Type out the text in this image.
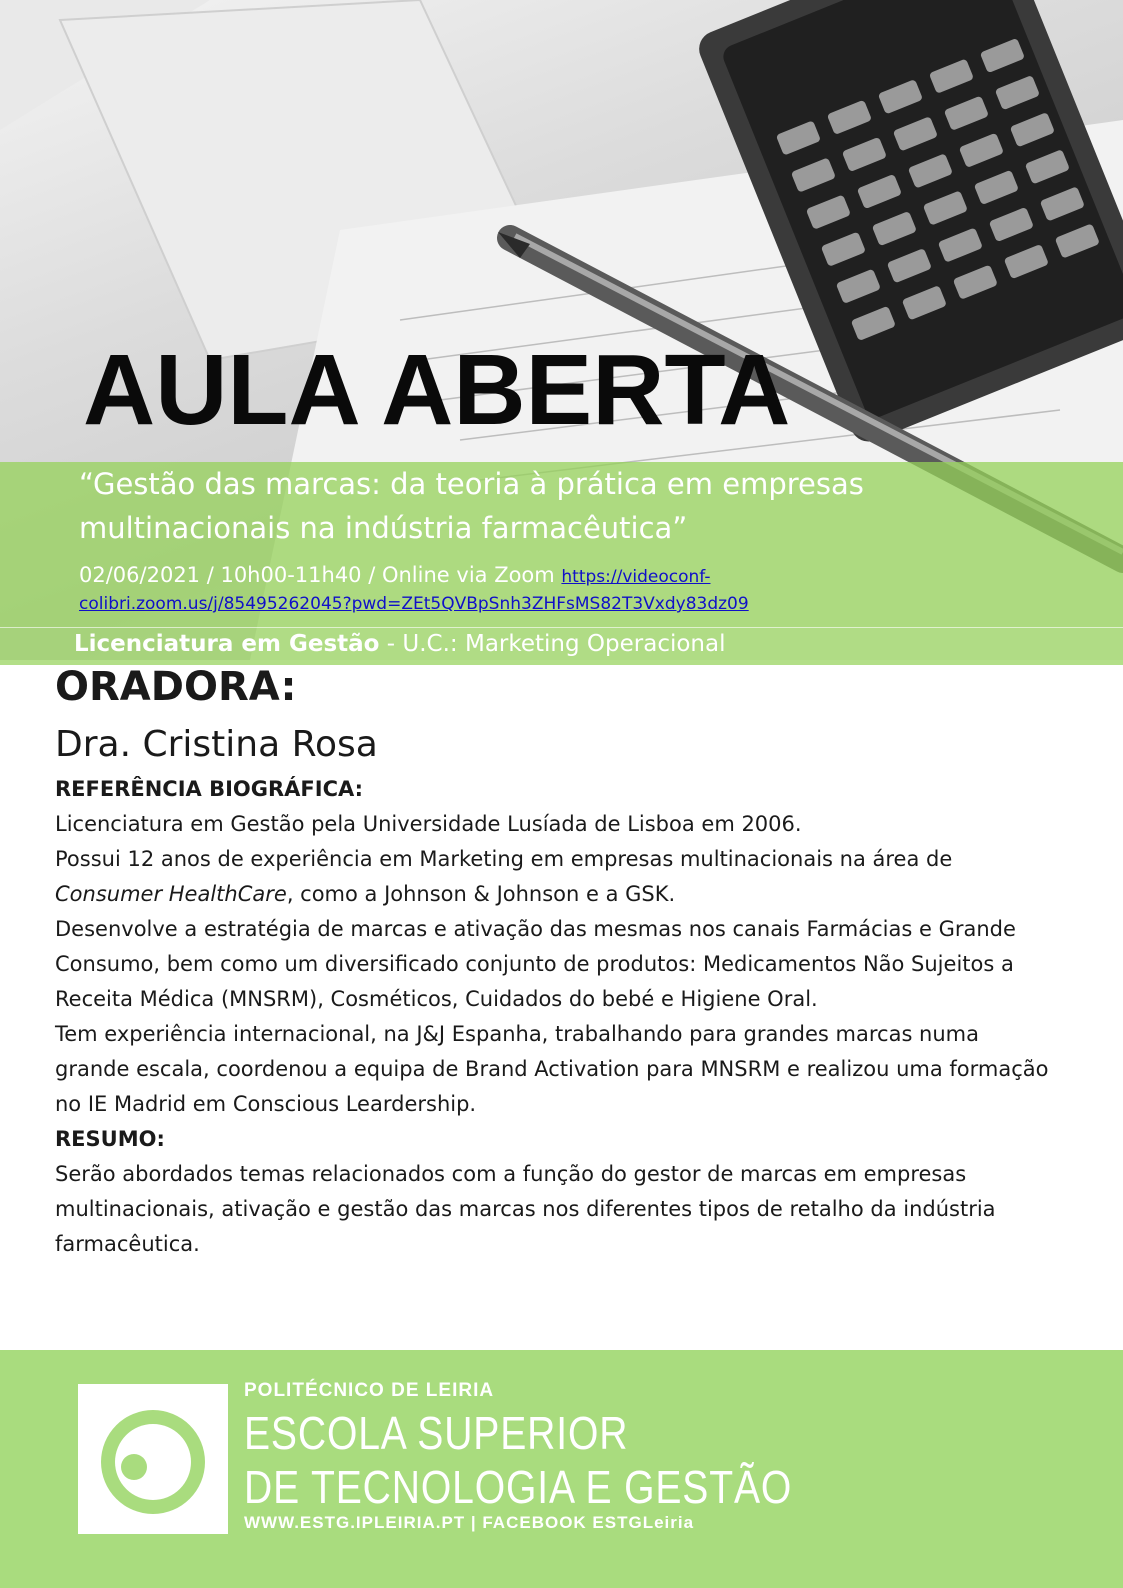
AULA ABERTA
“Gestão das marcas: da teoria à prática em empresas
multinacionais na indústria farmacêutica”
02/06/2021 / 10h00-11h40 / Online via Zoom https://videoconf-
colibri.zoom.us/j/85495262045?pwd=ZEt5QVBpSnh3ZHFsMS82T3Vxdy83dz09
Licenciatura em Gestão - U.C.: Marketing Operacional
ORADORA:
Dra. Cristina Rosa

REFERÊNCIA BIOGRÁFICA:

Licenciatura em Gestão pela Universidade Lusíada de Lisboa em 2006.

Possui 12 anos de experiência em Marketing em empresas multinacionais na área de Consumer HealthCare, como a Johnson & Johnson e a GSK.

Desenvolve a estratégia de marcas e ativação das mesmas nos canais Farmácias e Grande Consumo, bem como um diversificado conjunto de produtos: Medicamentos Não Sujeitos a Receita Médica (MNSRM), Cosméticos, Cuidados do bebé e Higiene Oral.

Tem experiência internacional, na J&J Espanha, trabalhando para grandes marcas numa grande escala, coordenou a equipa de Brand Activation para MNSRM e realizou uma formação no IE Madrid em Conscious Leardership.

RESUMO:

Serão abordados temas relacionados com a função do gestor de marcas em empresas multinacionais, ativação e gestão das marcas nos diferentes tipos de retalho da indústria farmacêutica.

POLITÉCNICO DE LEIRIA
ESCOLA SUPERIOR
DE TECNOLOGIA E GESTÃO
WWW.ESTG.IPLEIRIA.PT | FACEBOOK ESTGLeiria
